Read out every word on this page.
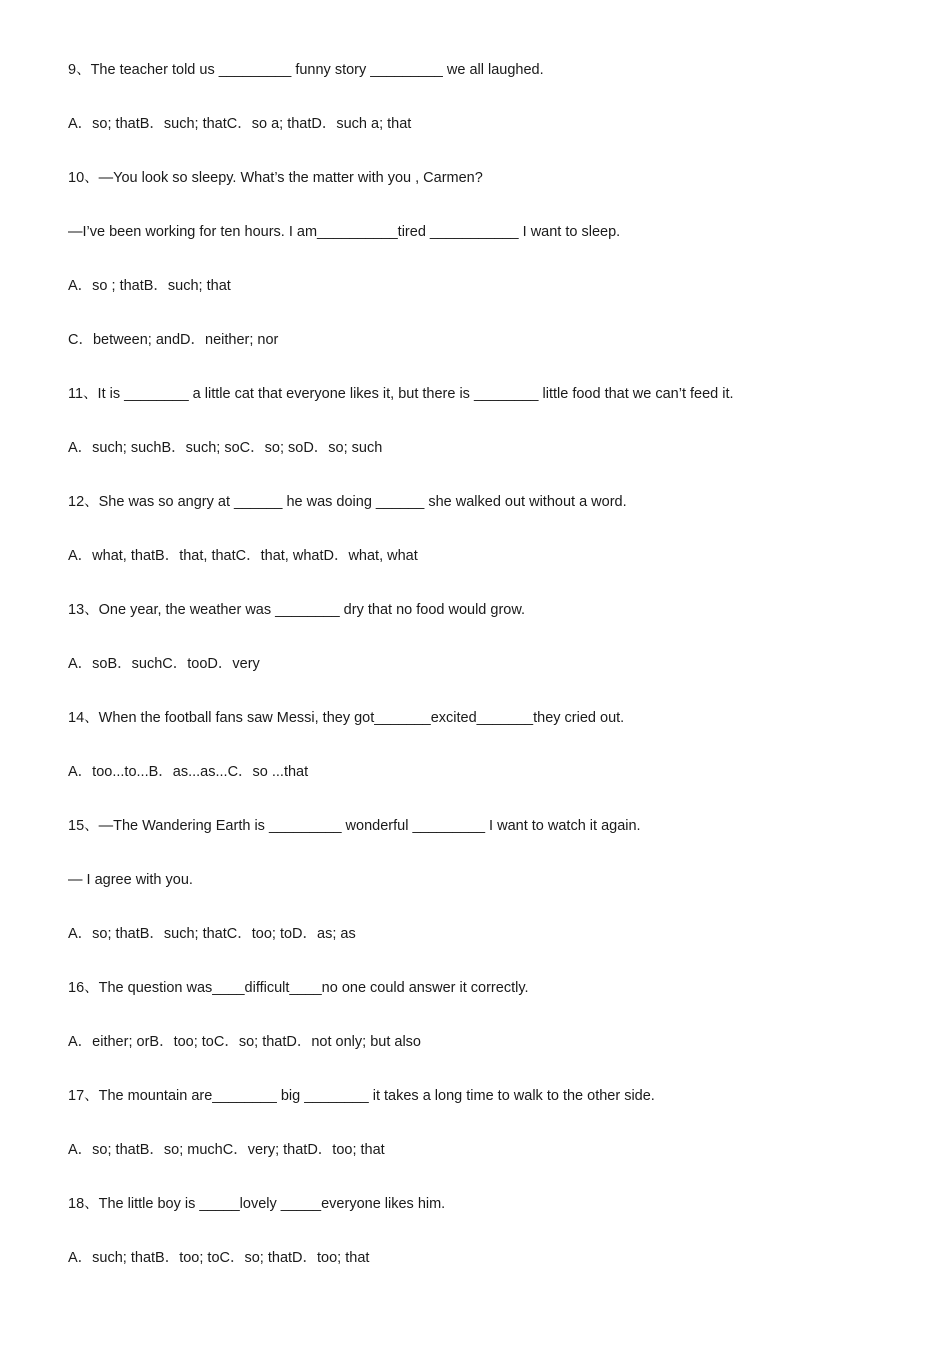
9、The teacher told us _________ funny story _________ we all laughed.
A．so; thatB．such; thatC．so a; thatD．such a; that
10、—You look so sleepy. What’s the matter with you , Carmen?
—I’ve been working for ten hours. I am__________tired ___________ I want to sleep.
A．so ; thatB．such; that
C．between; andD．neither; nor
11、It is ________ a little cat that everyone likes it, but there is ________ little food that we can’t feed it.
A．such; suchB．such; soC．so; soD．so; such
12、She was so angry at ______ he was doing ______ she walked out without a word.
A．what, thatB．that, thatC．that, whatD．what, what
13、One year, the weather was ________ dry that no food would grow.
A．soB．suchC．tooD．very
14、When the football fans saw Messi, they got_______excited_______they cried out.
A．too...to...B．as...as...C．so ...that
15、—The Wandering Earth is _________ wonderful _________ I want to watch it again.
— I agree with you.
A．so; thatB．such; thatC．too; toD．as; as
16、The question was____difficult____no one could answer it correctly.
A．either; orB．too; toC．so; thatD．not only; but also
17、The mountain are________ big ________ it takes a long time to walk to the other side.
A．so; thatB．so; muchC．very; thatD．too; that
18、The little boy is _____lovely _____everyone likes him.
A．such; thatB．too; toC．so; thatD．too; that
